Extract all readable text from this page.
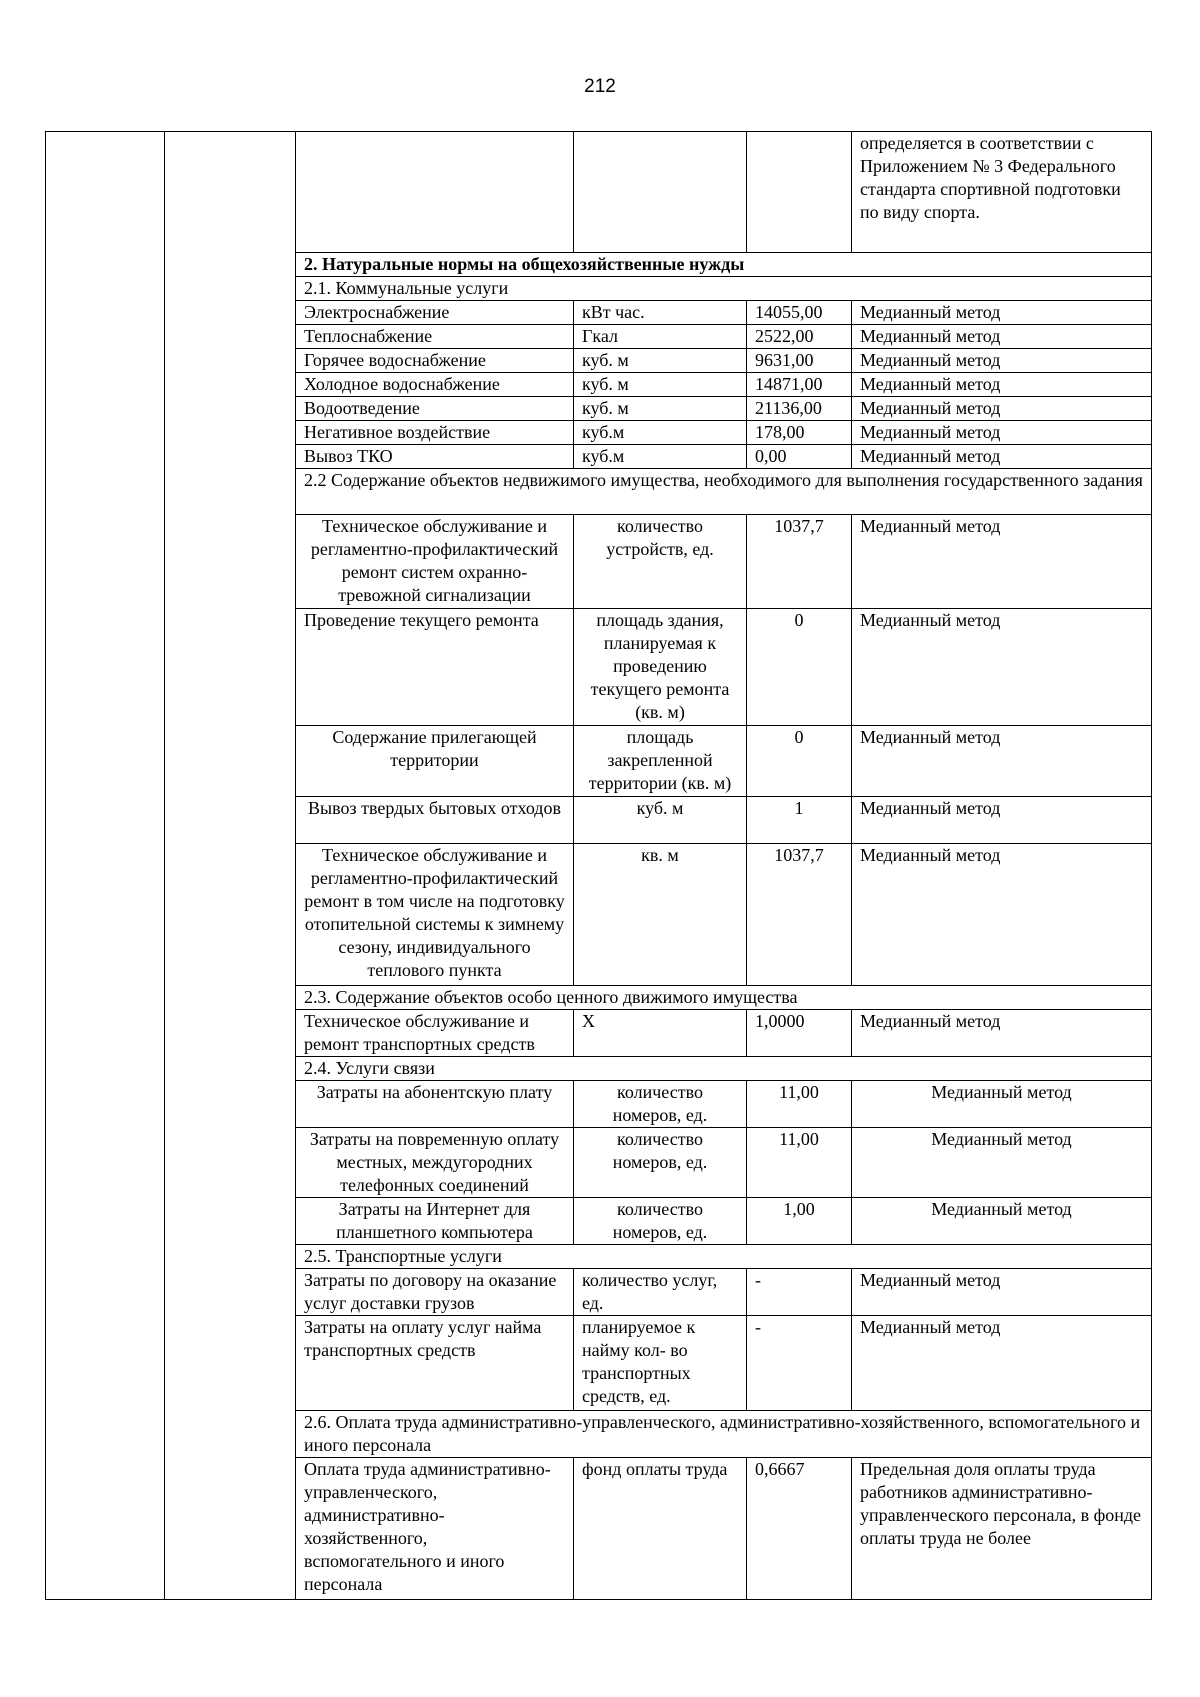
212
					определяется в соответствии с Приложением № 3 Федерального стандарта спортивной подготовки по виду спорта.
		2. Натуральные нормы на общехозяйственные нужды			
		2.1. Коммунальные услуги			
		Электроснабжение	кВт час.	14055,00	Медианный метод
		Теплоснабжение	Гкал	2522,00	Медианный метод
		Горячее водоснабжение	куб. м	9631,00	Медианный метод
		Холодное водоснабжение	куб. м	14871,00	Медианный метод
		Водоотведение	куб. м	21136,00	Медианный метод
		Негативное воздействие	куб.м	178,00	Медианный метод
		Вывоз ТКО	куб.м	0,00	Медианный метод
		2.2 Содержание объектов недвижимого имущества, необходимого для выполнения государственного задания			
		Техническое обслуживание и регламентно-профилактический ремонт систем охранно-тревожной сигнализации	количество устройств, ед.	1037,7	Медианный метод
		Проведение текущего ремонта	площадь здания, планируемая к проведению текущего ремонта (кв. м)	0	Медианный метод
		Содержание прилегающей территории	площадь закрепленной территории (кв. м)	0	Медианный метод
		Вывоз твердых бытовых отходов	куб. м	1	Медианный метод
		Техническое обслуживание и регламентно-профилактический ремонт в том числе на подготовку отопительной системы к зимнему сезону, индивидуального теплового пункта	кв. м	1037,7	Медианный метод
		2.3. Содержание объектов особо ценного движимого имущества			
		Техническое обслуживание и ремонт транспортных средств	Х	1,0000	Медианный метод
		2.4. Услуги связи			
		Затраты на абонентскую плату	количество номеров, ед.	11,00	Медианный метод
		Затраты на повременную оплату местных, междугородних телефонных соединений	количество номеров, ед.	11,00	Медианный метод
		Затраты на Интернет для планшетного компьютера	количество номеров, ед.	1,00	Медианный метод
		2.5. Транспортные услуги			
		Затраты по договору на оказание услуг доставки грузов	количество услуг, ед.	-	Медианный метод
		Затраты на оплату услуг найма транспортных средств	планируемое к найму кол- во транспортных средств, ед.	-	Медианный метод
		2.6. Оплата труда административно-управленческого, административно-хозяйственного, вспомогательного и иного персонала			
		Оплата труда административно-управленческого, административно- хозяйственного, вспомогательного и иного персонала	фонд оплаты труда	0,6667	Предельная доля оплаты труда работников административно-управленческого персонала, в фонде оплаты труда не более
